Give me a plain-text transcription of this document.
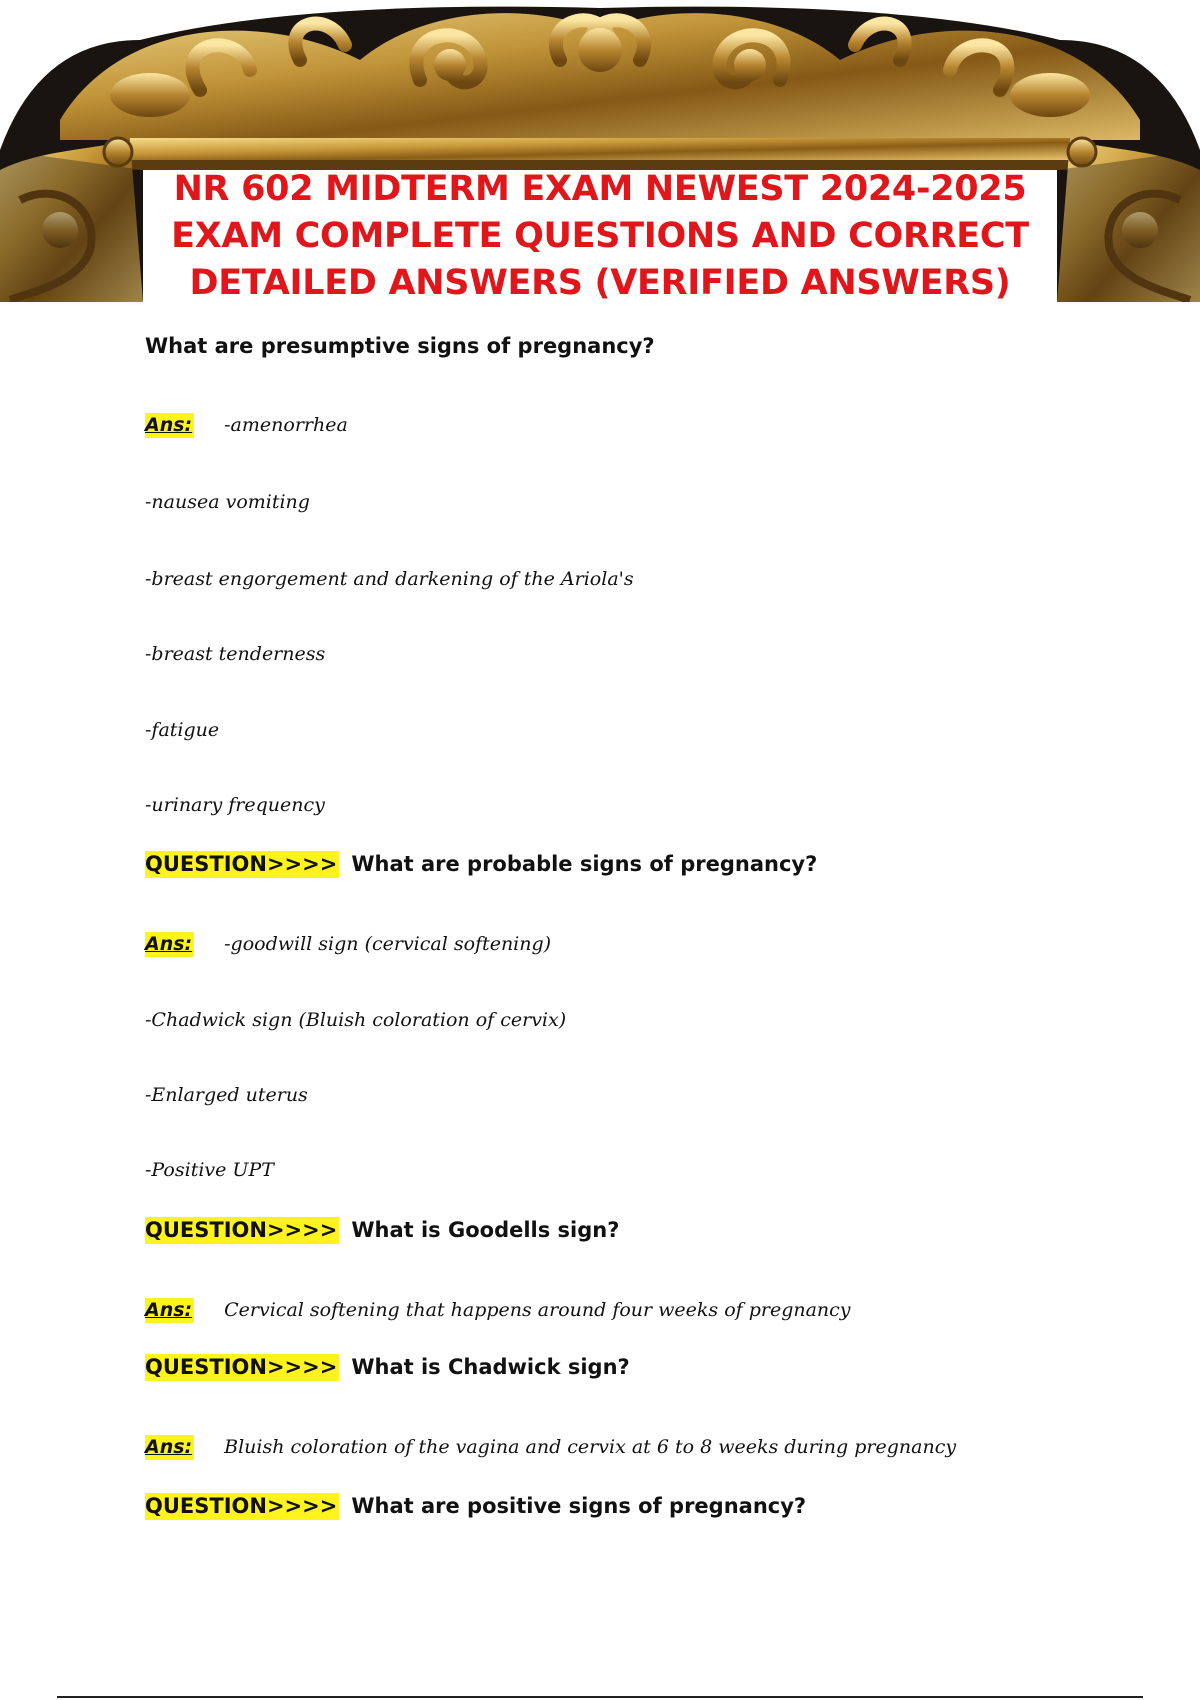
NR 602 MIDTERM EXAM NEWEST 2024-2025
EXAM COMPLETE QUESTIONS AND CORRECT
DETAILED ANSWERS (VERIFIED ANSWERS)
What are presumptive signs of pregnancy?
Ans: -amenorrhea
-nausea vomiting
-breast engorgement and darkening of the Ariola's
-breast tenderness
-fatigue
-urinary frequency
QUESTION>>>> What are probable signs of pregnancy?
Ans: -goodwill sign (cervical softening)
-Chadwick sign (Bluish coloration of cervix)
-Enlarged uterus
-Positive UPT
QUESTION>>>> What is Goodells sign?
Ans: Cervical softening that happens around four weeks of pregnancy
QUESTION>>>> What is Chadwick sign?
Ans: Bluish coloration of the vagina and cervix at 6 to 8 weeks during pregnancy
QUESTION>>>> What are positive signs of pregnancy?
